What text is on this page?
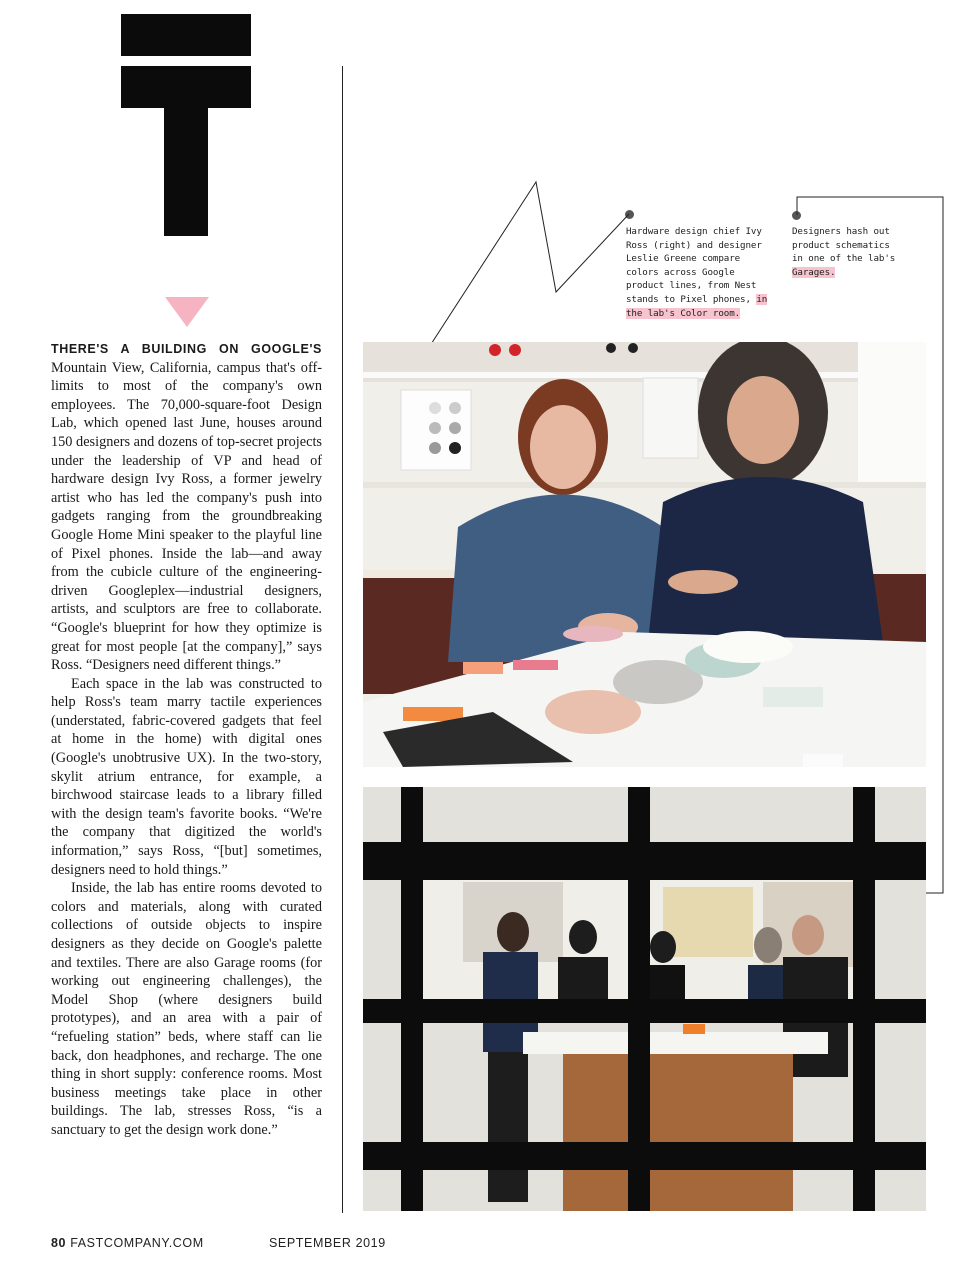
THERE'S A BUILDING ON GOOGLE'S Mountain View, California, campus that's off-limits to most of the company's own employees. The 70,000-square-foot Design Lab, which opened last June, houses around 150 designers and dozens of top-secret projects under the leadership of VP and head of hardware design Ivy Ross, a former jewelry artist who has led the company's push into gadgets ranging from the groundbreaking Google Home Mini speaker to the playful line of Pixel phones. Inside the lab—and away from the cubicle culture of the engineering-driven Googleplex—industrial designers, artists, and sculptors are free to collaborate. “Google's blueprint for how they optimize is great for most people [at the company],” says Ross. “Designers need different things.”

Each space in the lab was constructed to help Ross's team marry tactile experiences (understated, fabric-covered gadgets that feel at home in the home) with digital ones (Google's unobtrusive UX). In the two-story, skylit atrium entrance, for example, a birchwood staircase leads to a library filled with the design team's favorite books. “We're the company that digitized the world's information,” says Ross, “[but] sometimes, designers need to hold things.”

Inside, the lab has entire rooms devoted to colors and materials, along with curated collections of outside objects to inspire designers as they decide on Google's palette and textiles. There are also Garage rooms (for working out engineering challenges), the Model Shop (where designers build prototypes), and an area with a pair of “refueling station” beds, where staff can lie back, don headphones, and recharge. The one thing in short supply: conference rooms. Most business meetings take place in other buildings. The lab, stresses Ross, “is a sanctuary to get the design work done.”

Hardware design chief Ivy Ross (right) and designer Leslie Greene compare colors across Google product lines, from Nest stands to Pixel phones, in the lab's Color room.
Designers hash out product schematics in one of the lab's Garages.
80 FASTCOMPANY.COM	SEPTEMBER 2019
